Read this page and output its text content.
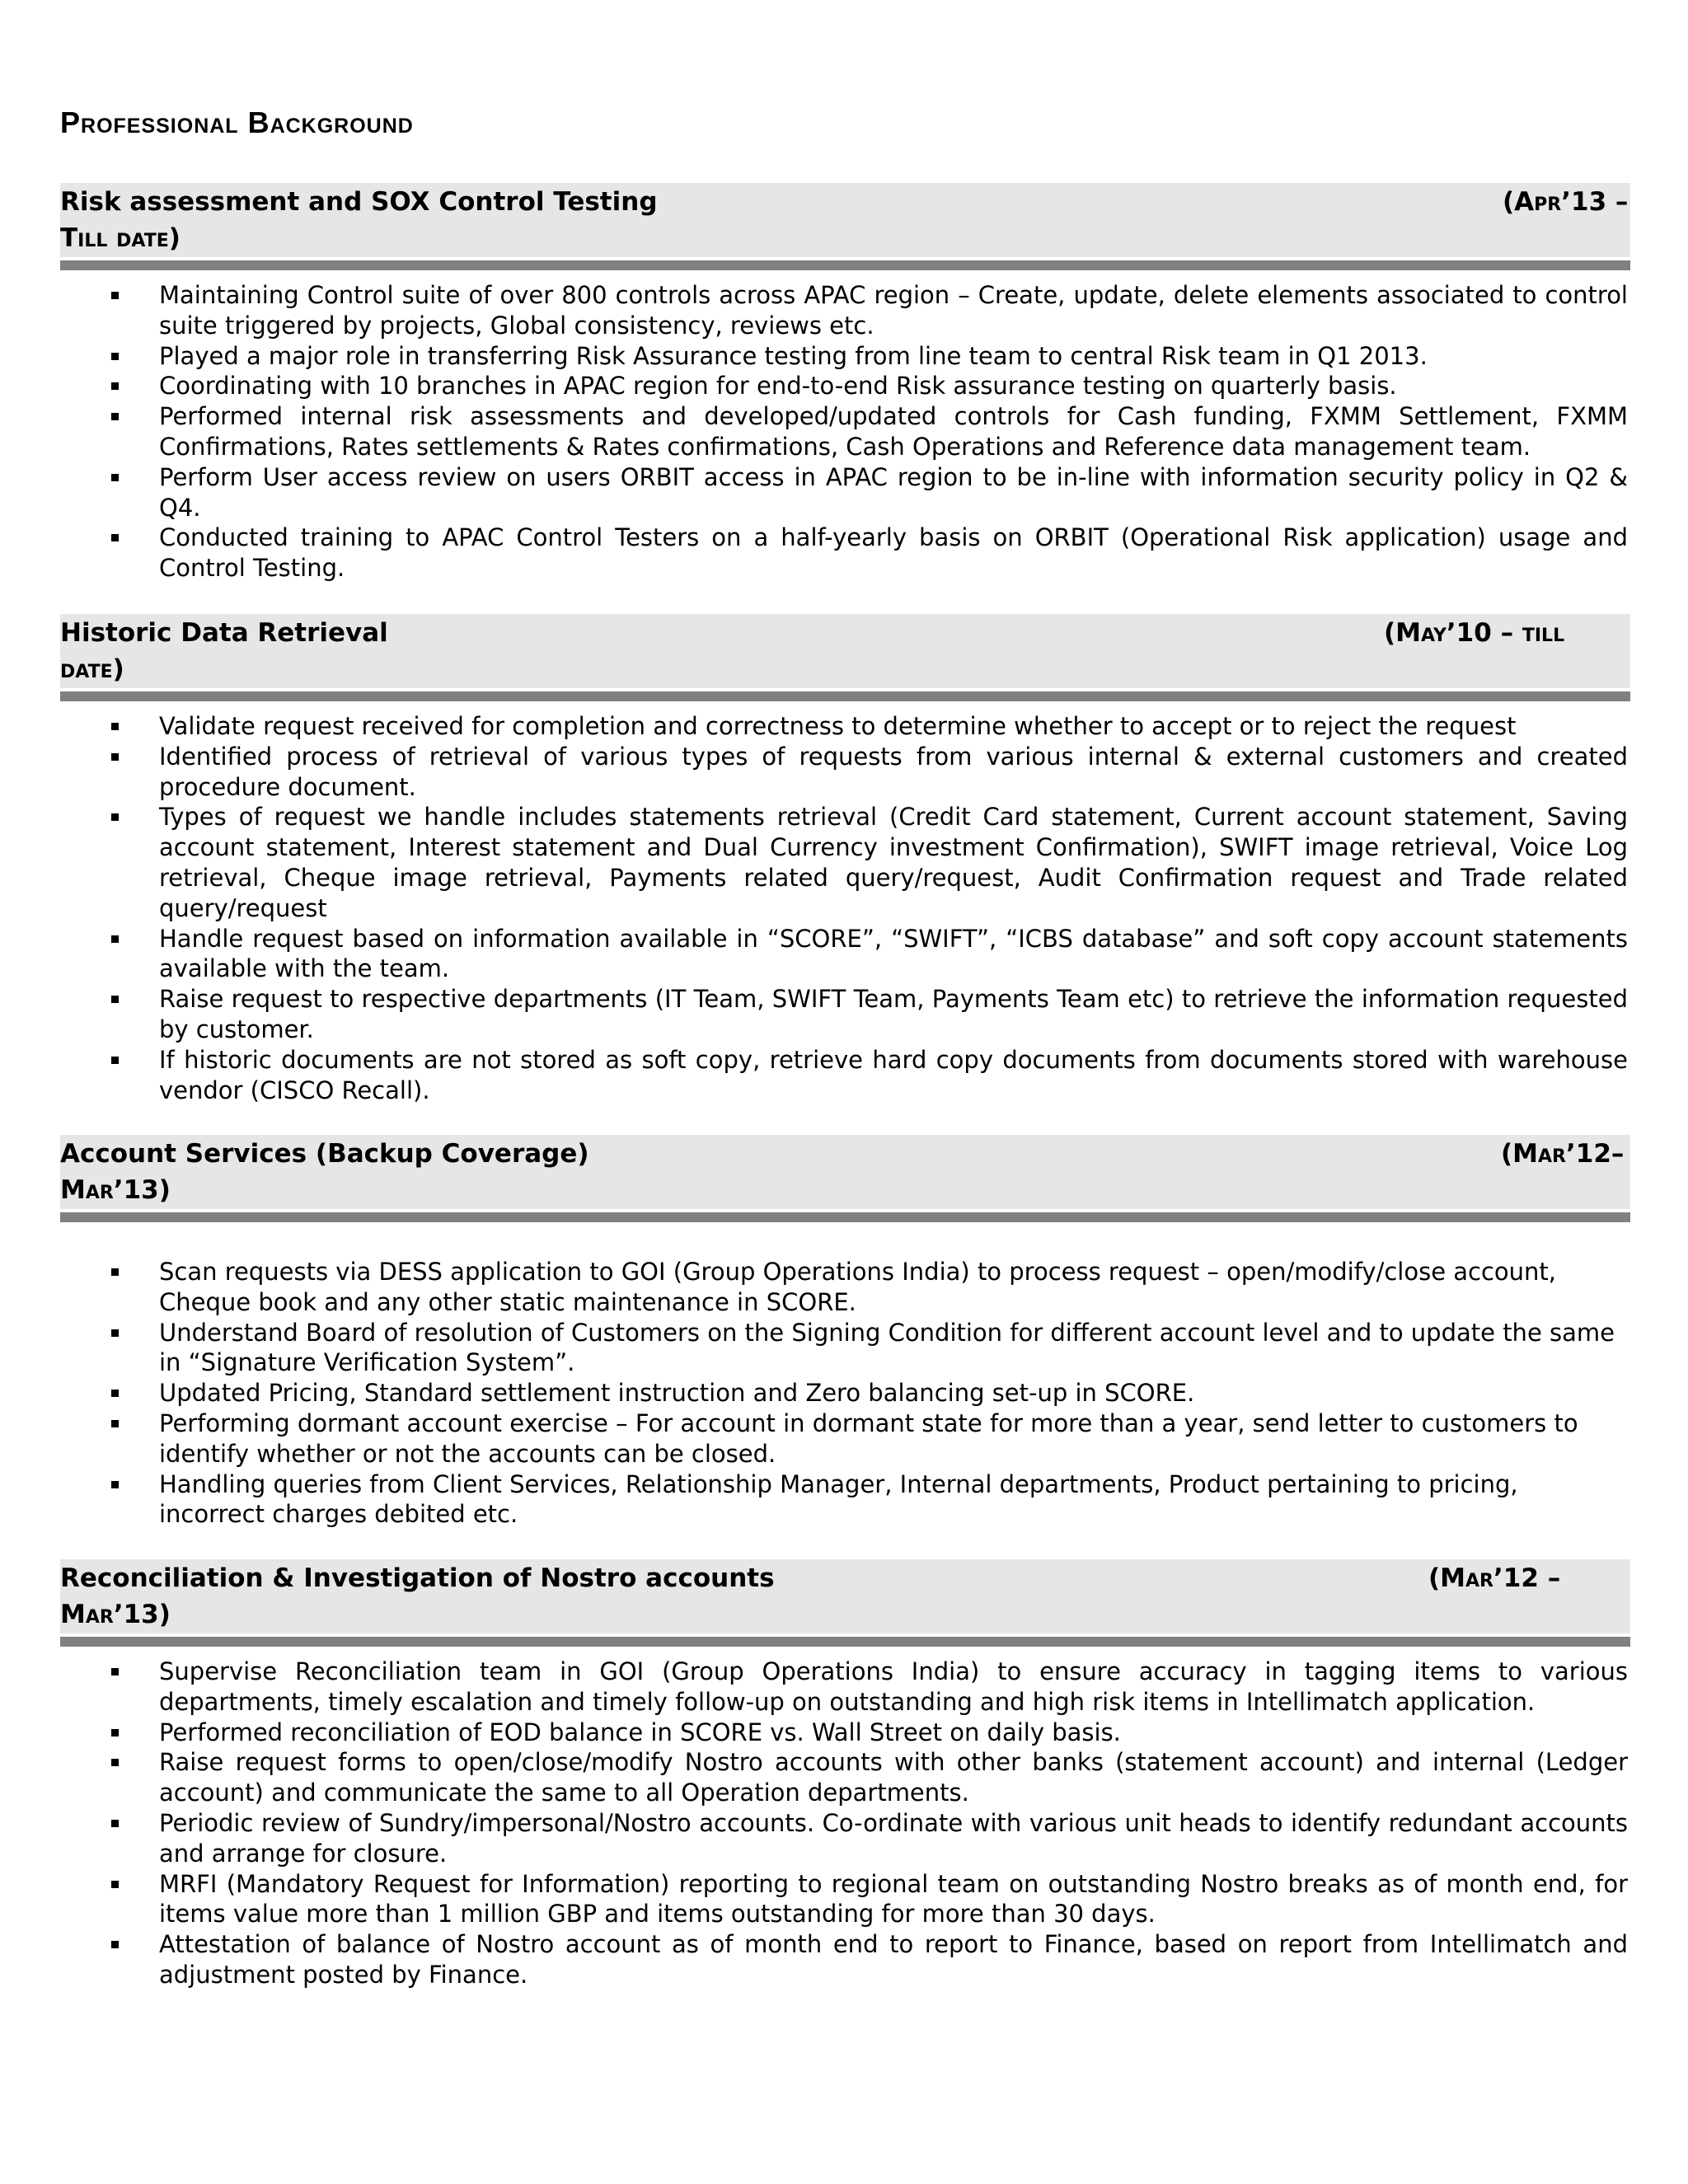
Professional Background
Risk assessment and SOX Control Testing	(Apr’13 –
Till date)
Maintaining Control suite of over 800 controls across APAC region – Create, update, delete elements associated to control suite triggered by projects, Global consistency, reviews etc.
Played a major role in transferring Risk Assurance testing from line team to central Risk team in Q1 2013.
Coordinating with 10 branches in APAC region for end-to-end Risk assurance testing on quarterly basis.
Performed internal risk assessments and developed/updated controls for Cash funding, FXMM Settlement, FXMM Confirmations, Rates settlements & Rates confirmations, Cash Operations and Reference data management team.
Perform User access review on users ORBIT access in APAC region to be in-line with information security policy in Q2 & Q4.
Conducted training to APAC Control Testers on a half-yearly basis on ORBIT (Operational Risk application) usage and Control Testing.
Historic Data Retrieval	(May’10 – till
date)
Validate request received for completion and correctness to determine whether to accept or to reject the request
Identified process of retrieval of various types of requests from various internal & external customers and created procedure document.
Types of request we handle includes statements retrieval (Credit Card statement, Current account statement, Saving account statement, Interest statement and Dual Currency investment Confirmation), SWIFT image retrieval, Voice Log retrieval, Cheque image retrieval, Payments related query/request, Audit Confirmation request and Trade related query/request
Handle request based on information available in “SCORE”, “SWIFT”, “ICBS database” and soft copy account statements available with the team.
Raise request to respective departments (IT Team, SWIFT Team, Payments Team etc) to retrieve the information requested by customer.
If historic documents are not stored as soft copy, retrieve hard copy documents from documents stored with warehouse vendor (CISCO Recall).
Account Services (Backup Coverage)	(Mar’12–
Mar’13)
Scan requests via DESS application to GOI (Group Operations India) to process request – open/modify/close account, Cheque book and any other static maintenance in SCORE.
Understand Board of resolution of Customers on the Signing Condition for different account level and to update the same in “Signature Verification System”.
Updated Pricing, Standard settlement instruction and Zero balancing set-up in SCORE.
Performing dormant account exercise – For account in dormant state for more than a year, send letter to customers to identify whether or not the accounts can be closed.
Handling queries from Client Services, Relationship Manager, Internal departments, Product pertaining to pricing, incorrect charges debited etc.
Reconciliation & Investigation of Nostro accounts	(Mar’12 –
Mar’13)
Supervise Reconciliation team in GOI (Group Operations India) to ensure accuracy in tagging items to various departments, timely escalation and timely follow-up on outstanding and high risk items in Intellimatch application.
Performed reconciliation of EOD balance in SCORE vs. Wall Street on daily basis.
Raise request forms to open/close/modify Nostro accounts with other banks (statement account) and internal (Ledger account) and communicate the same to all Operation departments.
Periodic review of Sundry/impersonal/Nostro accounts. Co-ordinate with various unit heads to identify redundant accounts and arrange for closure.
MRFI (Mandatory Request for Information) reporting to regional team on outstanding Nostro breaks as of month end, for items value more than 1 million GBP and items outstanding for more than 30 days.
Attestation of balance of Nostro account as of month end to report to Finance, based on report from Intellimatch and adjustment posted by Finance.
